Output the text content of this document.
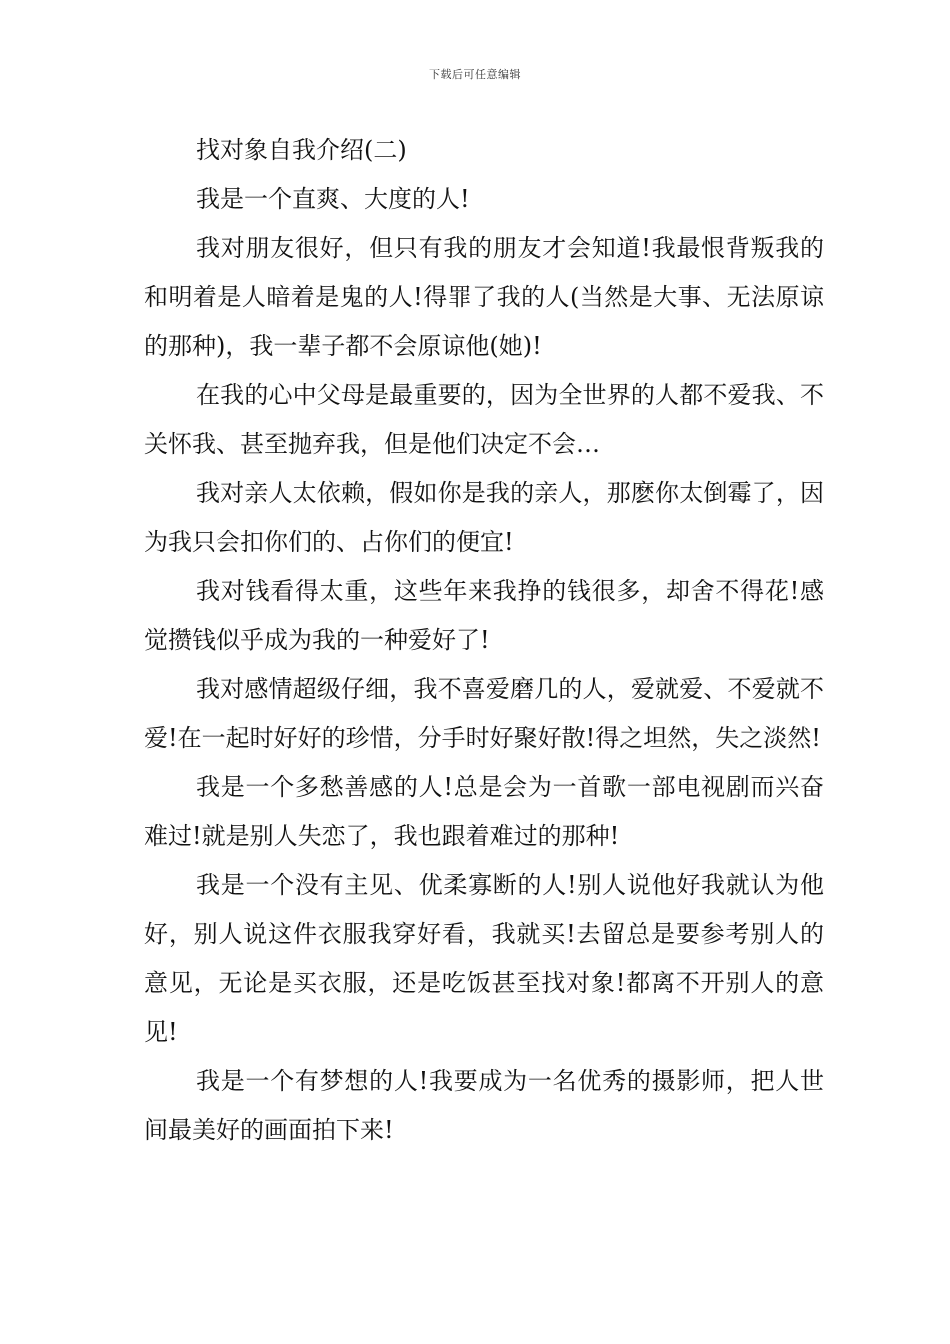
下载后可任意编辑

找对象自我介绍(二)

我是一个直爽、大度的人!

我对朋友很好，但只有我的朋友才会知道!我最恨背叛我的和明着是人暗着是鬼的人!得罪了我的人(当然是大事、无法原谅的那种)，我一辈子都不会原谅他(她)!

在我的心中父母是最重要的，因为全世界的人都不爱我、不关怀我、甚至抛弃我，但是他们决定不会…

我对亲人太依赖，假如你是我的亲人，那麽你太倒霉了，因为我只会扣你们的、占你们的便宜!

我对钱看得太重，这些年来我挣的钱很多，却舍不得花!感觉攒钱似乎成为我的一种爱好了!

我对感情超级仔细，我不喜爱磨几的人，爱就爱、不爱就不爱!在一起时好好的珍惜，分手时好聚好散!得之坦然，失之淡然!

我是一个多愁善感的人!总是会为一首歌一部电视剧而兴奋难过!就是别人失恋了，我也跟着难过的那种!

我是一个没有主见、优柔寡断的人!别人说他好我就认为他好，别人说这件衣服我穿好看，我就买!去留总是要参考别人的意见，无论是买衣服，还是吃饭甚至找对象!都离不开别人的意见!

我是一个有梦想的人!我要成为一名优秀的摄影师，把人世间最美好的画面拍下来!
